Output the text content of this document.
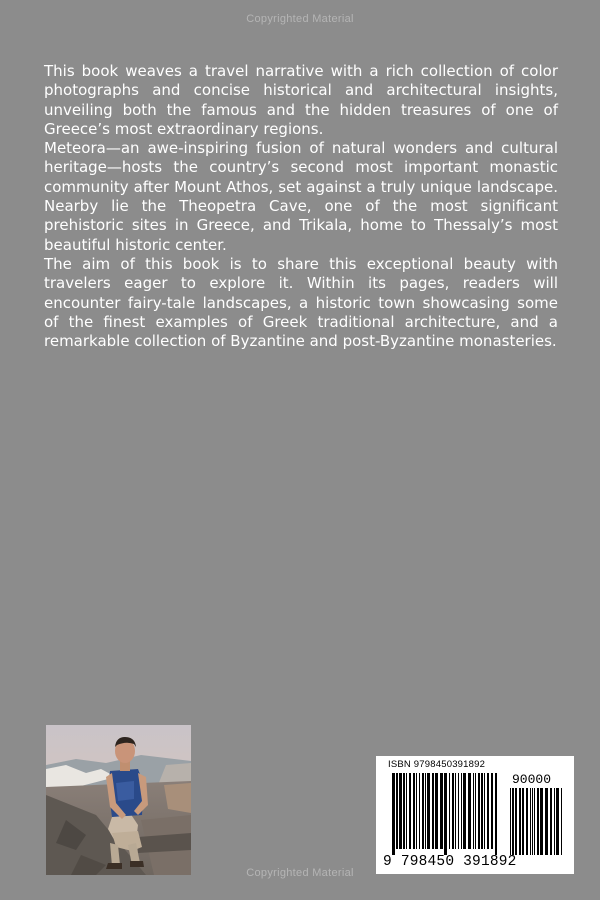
Copyrighted Material

This book weaves a travel narrative with a rich collection of color photographs and concise historical and architectural insights, unveiling both the famous and the hidden treasures of one of Greece’s most extraordinary regions.

Meteora—an awe-inspiring fusion of natural wonders and cultural heritage—hosts the country’s second most important monastic community after Mount Athos, set against a truly unique landscape. Nearby lie the Theopetra Cave, one of the most significant prehistoric sites in Greece, and Trikala, home to Thessaly’s most beautiful historic center.

The aim of this book is to share this exceptional beauty with travelers eager to explore it. Within its pages, readers will encounter fairy-tale landscapes, a historic town showcasing some of the finest examples of Greek traditional architecture, and a remarkable collection of Byzantine and post-Byzantine monasteries.

ISBN 9798450391892
90000
9 798450 391892
Copyrighted Material
